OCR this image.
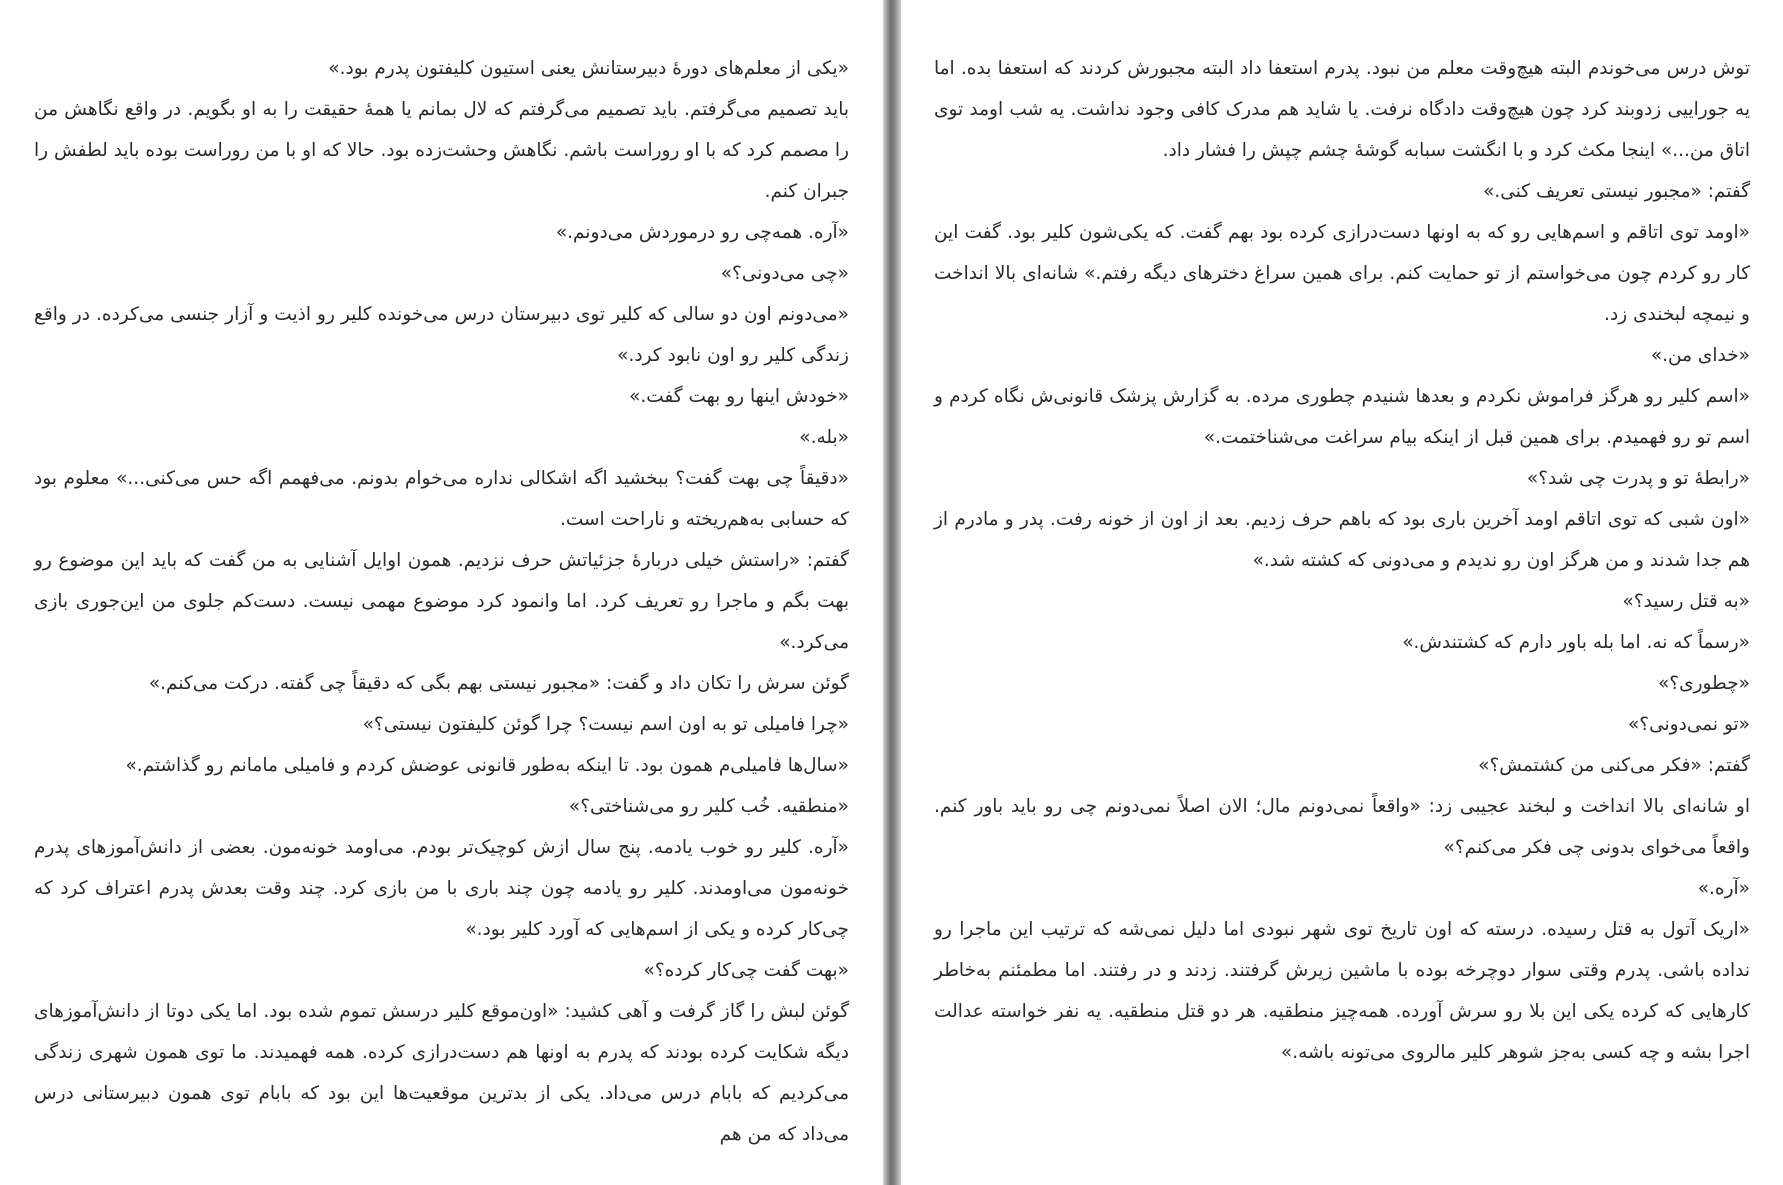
«یکی از معلم‌های دورهٔ دبیرستانش یعنی استیون کلیفتون پدرم بود.»

باید تصمیم می‌گرفتم. باید تصمیم می‌گرفتم که لال بمانم یا همهٔ حقیقت را به او بگویم. در واقع نگاهش من را مصمم کرد که با او روراست باشم. نگاهش وحشت‌زده بود. حالا که او با من روراست بوده باید لطفش را جبران کنم.

«آره. همه‌چی رو درموردش می‌دونم.»

«چی می‌دونی؟»

«می‌دونم اون دو سالی که کلیر توی دبیرستان درس می‌خونده کلیر رو اذیت و آزار جنسی می‌کرده. در واقع زندگی کلیر رو اون نابود کرد.»

«خودش اینها رو بهت گفت.»

«بله.»

«دقیقاً چی بهت گفت؟ ببخشید اگه اشکالی نداره می‌خوام بدونم. می‌فهمم اگه حس می‌کنی...» معلوم بود که حسابی به‌هم‌ریخته و ناراحت است.

گفتم: «راستش خیلی دربارهٔ جزئیاتش حرف نزدیم. همون اوایل آشنایی به من گفت که باید این موضوع رو بهت بگم و ماجرا رو تعریف کرد. اما وانمود کرد موضوع مهمی نیست. دست‌کم جلوی من این‌جوری بازی می‌کرد.»

گوئن سرش را تکان داد و گفت: «مجبور نیستی بهم بگی که دقیقاً چی گفته. درکت می‌کنم.»

«چرا فامیلی تو به اون اسم نیست؟ چرا گوئن کلیفتون نیستی؟»

«سال‌ها فامیلی‌م همون بود. تا اینکه به‌طور قانونی عوضش کردم و فامیلی مامانم رو گذاشتم.»

«منطقیه. خُب کلیر رو می‌شناختی؟»

«آره. کلیر رو خوب یادمه. پنج سال ازش کوچیک‌تر بودم. می‌اومد خونه‌مون. بعضی از دانش‌آموزهای پدرم خونه‌مون می‌اومدند. کلیر رو یادمه چون چند باری با من بازی کرد. چند وقت بعدش پدرم اعتراف کرد که چی‌کار کرده و یکی از اسم‌هایی که آورد کلیر بود.»

«بهت گفت چی‌کار کرده؟»

گوئن لبش را گاز گرفت و آهی کشید: «اون‌موقع کلیر درسش تموم شده بود. اما یکی دوتا از دانش‌آموزهای دیگه شکایت کرده بودند که پدرم به اونها هم دست‌درازی کرده. همه فهمیدند. ما توی همون شهری زندگی می‌کردیم که بابام درس می‌داد. یکی از بدترین موقعیت‌ها این بود که بابام توی همون دبیرستانی درس می‌داد که من هم

توش درس می‌خوندم البته هیچ‌وقت معلم من نبود. پدرم استعفا داد البته مجبورش کردند که استعفا بده. اما یه جوراییی زدوبند کرد چون هیچ‌وقت دادگاه نرفت. یا شاید هم مدرک کافی وجود نداشت. یه شب اومد توی اتاق من...» اینجا مکث کرد و با انگشت سبابه گوشهٔ چشم چپش را فشار داد.

گفتم: «مجبور نیستی تعریف کنی.»

«اومد توی اتاقم و اسم‌هایی رو که به اونها دست‌درازی کرده بود بهم گفت. که یکی‌شون کلیر بود. گفت این کار رو کردم چون می‌خواستم از تو حمایت کنم. برای همین سراغ دخترهای دیگه رفتم.» شانه‌ای بالا انداخت و نیمچه لبخندی زد.

«خدای من.»

«اسم کلیر رو هرگز فراموش نکردم و بعدها شنیدم چطوری مرده. به گزارش پزشک قانونی‌ش نگاه کردم و اسم تو رو فهمیدم. برای همین قبل از اینکه بیام سراغت می‌شناختمت.»

«رابطهٔ تو و پدرت چی شد؟»

«اون شبی که توی اتاقم اومد آخرین باری بود که باهم حرف زدیم. بعد از اون از خونه رفت. پدر و مادرم از هم جدا شدند و من هرگز اون رو ندیدم و می‌دونی که کشته شد.»

«به قتل رسید؟»

«رسماً که نه. اما بله باور دارم که کشتندش.»

«چطوری؟»

«تو نمی‌دونی؟»

گفتم: «فکر می‌کنی من کشتمش؟»

او شانه‌ای بالا انداخت و لبخند عجیبی زد: «واقعاً نمی‌دونم مال؛ الان اصلاً نمی‌دونم چی رو باید باور کنم. واقعاً می‌خوای بدونی چی فکر می‌کنم؟»

«آره.»

«اریک آتول به قتل رسیده. درسته که اون تاریخ توی شهر نبودی اما دلیل نمی‌شه که ترتیب این ماجرا رو نداده باشی. پدرم وقتی سوار دوچرخه بوده با ماشین زیرش گرفتند. زدند و در رفتند. اما مطمئنم به‌خاطر کارهایی که کرده یکی این بلا رو سرش آورده. همه‌چیز منطقیه. هر دو قتل منطقیه. یه نفر خواسته عدالت اجرا بشه و چه کسی به‌جز شوهر کلیر مالروی می‌تونه باشه.»
